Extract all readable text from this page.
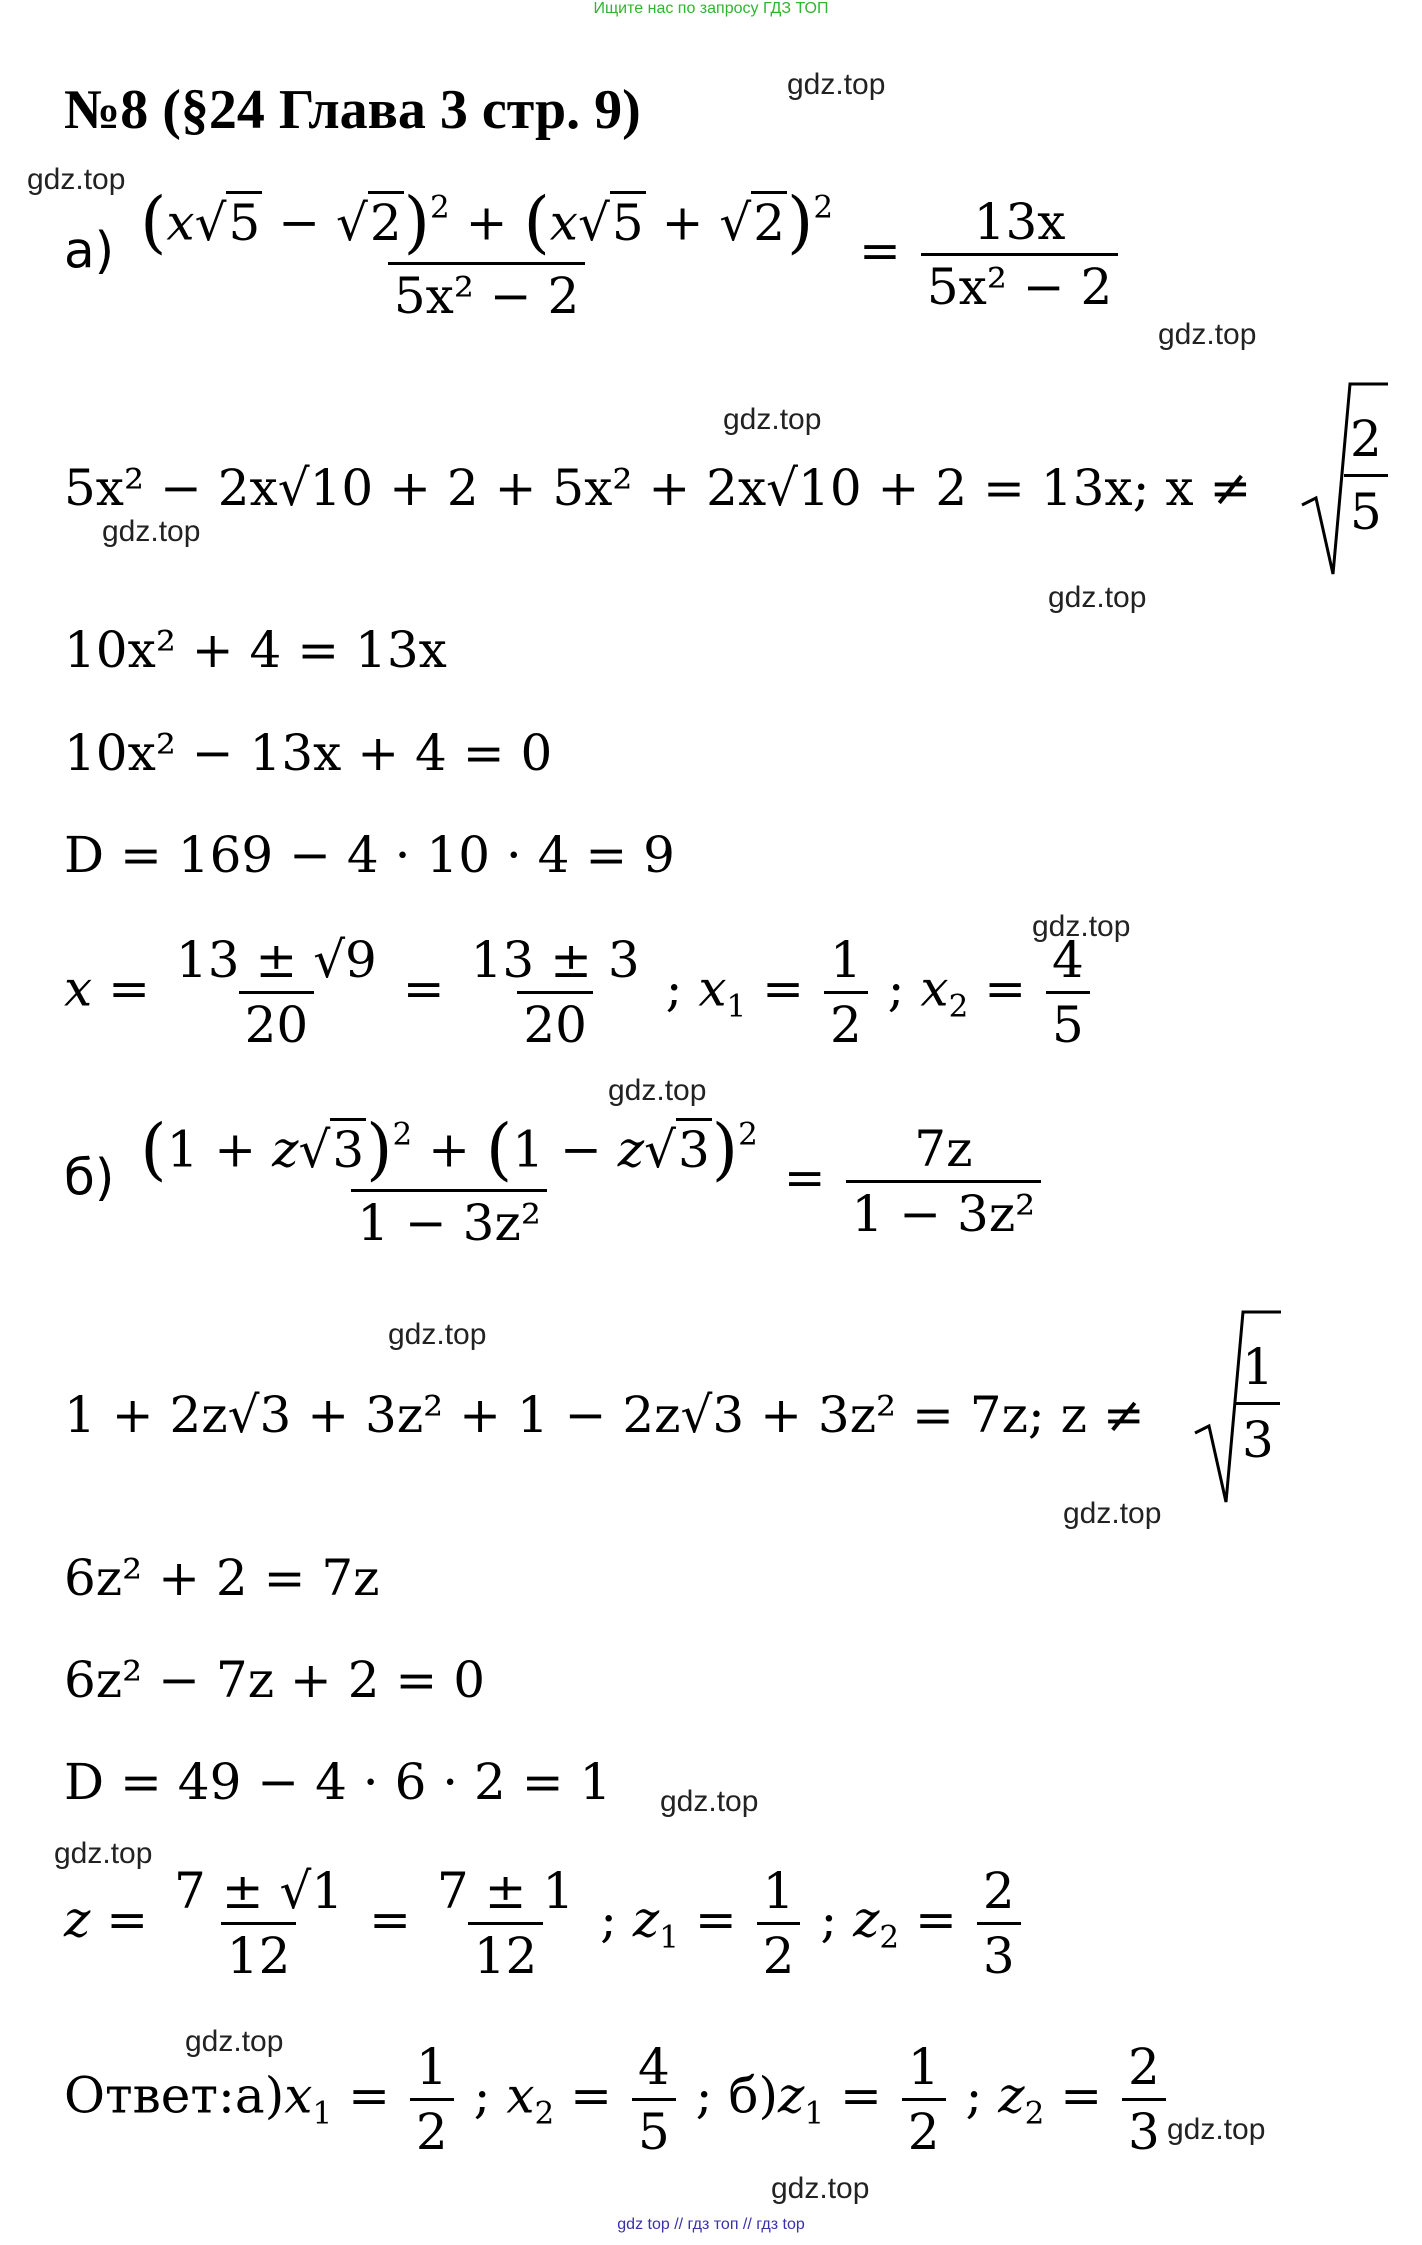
Ищите нас по запросу ГДЗ ТОП
№8 (§24 Глава 3 стр. 9)	gdz.top
gdz.top
gdz.top
gdz.top
gdz.top
gdz.top
gdz.top
gdz.top
gdz.top
gdz.top
gdz.top
gdz.top
gdz.top
gdz.top
gdz.top
$а) \frac{(x √ 5 - √ 2 )^2 + (x √ 5 + √ 2 )^2}{\text{5x² − 2}} = \frac{13x}{\text{5x² − 2}}$
5x² − 2x√10 + 2 + 5x² + 2x√10 + 2 = 13x; $x \ne \frac{2}{5}$
10x² + 4 = 13x
10x² − 13x + 4 = 0
D = 169 − 4 · 10 · 4 = 9
$x = \frac{13 \pm √9}{20} = \frac{13 \pm 3}{20}$ ; $x_1 = \frac{1}{2}$ ; $x_2 = \frac{4}{5}$
$б) \frac{(1 + z √ 3 )^2 + (1 - z √ 3 )^2}{\text{1 − 3z²}} = \frac{7z}{\text{1 − 3z²}}$
1 + 2z√3 + 3z² + 1 − 2z√3 + 3z² = 7z; $z \ne \frac{1}{3}$
6z² + 2 = 7z
6z² − 7z + 2 = 0
D = 49 − 4 · 6 · 2 = 1
$z = \frac{7 \pm √1}{12} = \frac{7 \pm 1}{12}$ ; $z_1 = \frac{1}{2}$ ; $z_2 = \frac{2}{3}$
$Ответ:а)x_1 = \frac{1}{2}$ ; $x_2 = \frac{4}{5}$ ; $б)z_1 = \frac{1}{2}$ ; $z_2 = \frac{2}{3}$
gdz top // гдз топ // гдз top
